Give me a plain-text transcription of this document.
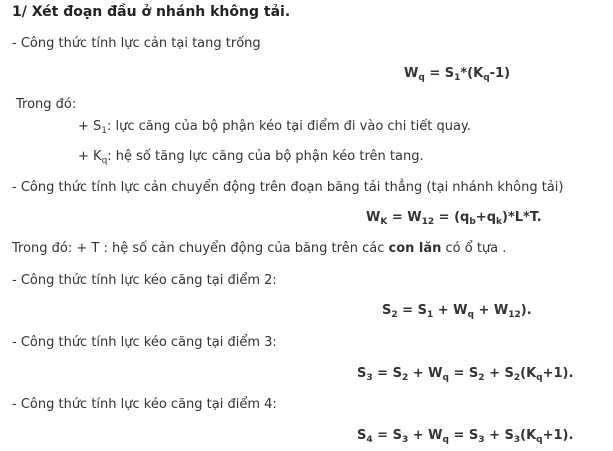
1/ Xét đoạn đầu ở nhánh không tải.
- Công thức tính lực cản tại tang trống
$W_q = S_1*(K_q-1)$
Trong đó:
+ $S_1$: lực căng của bộ phận kéo tại điểm đi vào chi tiết quay.
+ $K_q$: hệ số tăng lực căng của bộ phận kéo trên tang.
- Công thức tính lực cản chuyển động trên đoạn băng tải thẳng (tại nhánh không tải)
$W_K = W_{12} = (q_b+q_k)*L*T$.
Trong đó: + T : hệ số cản chuyển động của băng trên các con lăn có ổ tựa .
- Công thức tính lực kéo căng tại điểm 2:
$S_2 = S_1 + W_q + W_{12}$).
- Công thức tính lực kéo căng tại điểm 3:
$S_3 = S_2 + W_q = S_2 + S_2(K_q+1)$.
- Công thức tính lực kéo căng tại điểm 4:
$S_4 = S_3 + W_q = S_3 + S_3(K_q+1)$.
